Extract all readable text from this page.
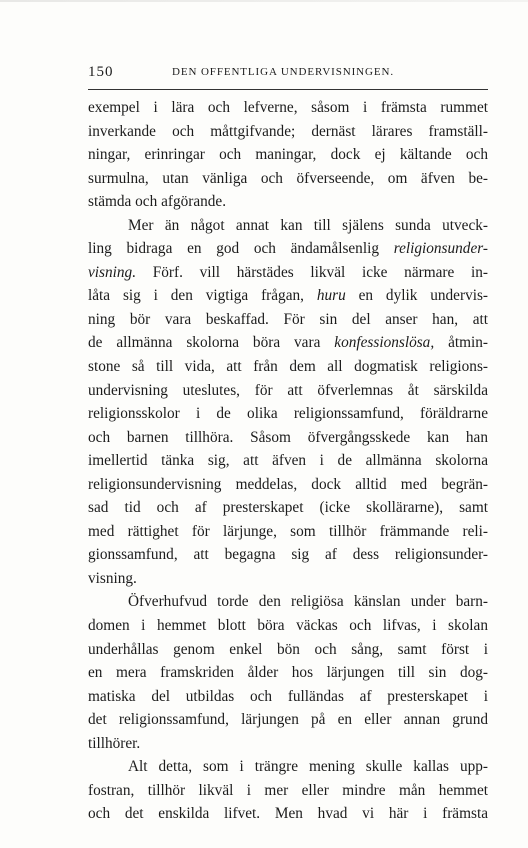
150	DEN OFFENTLIGA UNDERVISNINGEN.
exempel i lära och lefverne, såsom i främsta rummet
inverkande och måttgifvande; dernäst lärares framställ-
ningar, erinringar och maningar, dock ej kältande och
surmulna, utan vänliga och öfverseende, om äfven be-
stämda och afgörande.
Mer än något annat kan till själens sunda utveck-
ling bidraga en god och ändamålsenlig religionsunder-
visning. Förf. vill härstädes likväl icke närmare in-
låta sig i den vigtiga frågan, huru en dylik undervis-
ning bör vara beskaffad. För sin del anser han, att
de allmänna skolorna böra vara konfessionslösa, åtmin-
stone så till vida, att från dem all dogmatisk religions-
undervisning uteslutes, för att öfverlemnas åt särskilda
religionsskolor i de olika religionssamfund, föräldrarne
och barnen tillhöra. Såsom öfvergångsskede kan han
imellertid tänka sig, att äfven i de allmänna skolorna
religionsundervisning meddelas, dock alltid med begrän-
sad tid och af presterskapet (icke skollärarne), samt
med rättighet för lärjunge, som tillhör främmande reli-
gionssamfund, att begagna sig af dess religionsunder-
visning.
Öfverhufvud torde den religiösa känslan under barn-
domen i hemmet blott böra väckas och lifvas, i skolan
underhållas genom enkel bön och sång, samt först i
en mera framskriden ålder hos lärjungen till sin dog-
matiska del utbildas och fulländas af presterskapet i
det religionssamfund, lärjungen på en eller annan grund
tillhörer.
Alt detta, som i trängre mening skulle kallas upp-
fostran, tillhör likväl i mer eller mindre mån hemmet
och det enskilda lifvet. Men hvad vi här i främsta
